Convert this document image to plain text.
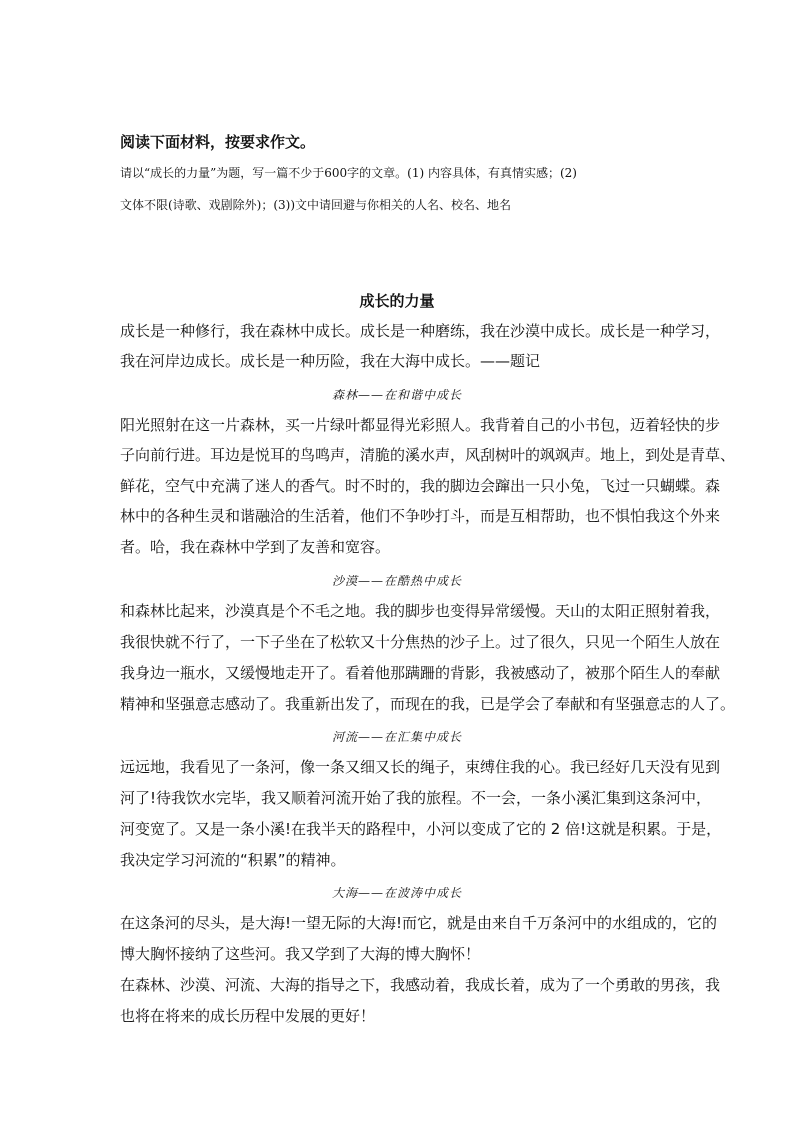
阅读下面材料，按要求作文。
请以“成长的力量”为题，写一篇不少于600字的文章。(1) 内容具体，有真情实感；(2)
文体不限(诗歌、戏剧除外)；(3))文中请回避与你相关的人名、校名、地名
成长的力量
成长是一种修行，我在森林中成长。成长是一种磨练，我在沙漠中成长。成长是一种学习，
我在河岸边成长。成长是一种历险，我在大海中成长。——题记
森林——在和谐中成长
阳光照射在这一片森林，买一片绿叶都显得光彩照人。我背着自己的小书包，迈着轻快的步
子向前行进。耳边是悦耳的鸟鸣声，清脆的溪水声，风刮树叶的飒飒声。地上，到处是青草、
鲜花，空气中充满了迷人的香气。时不时的，我的脚边会蹿出一只小兔，飞过一只蝴蝶。森
林中的各种生灵和谐融洽的生活着，他们不争吵打斗，而是互相帮助，也不惧怕我这个外来
者。哈，我在森林中学到了友善和宽容。
沙漠——在酷热中成长
和森林比起来，沙漠真是个不毛之地。我的脚步也变得异常缓慢。天山的太阳正照射着我，
我很快就不行了，一下子坐在了松软又十分焦热的沙子上。过了很久，只见一个陌生人放在
我身边一瓶水，又缓慢地走开了。看着他那蹒跚的背影，我被感动了，被那个陌生人的奉献
精神和坚强意志感动了。我重新出发了，而现在的我，已是学会了奉献和有坚强意志的人了。
河流——在汇集中成长
远远地，我看见了一条河，像一条又细又长的绳子，束缚住我的心。我已经好几天没有见到
河了!待我饮水完毕，我又顺着河流开始了我的旅程。不一会，一条小溪汇集到这条河中，
河变宽了。又是一条小溪!在我半天的路程中，小河以变成了它的 2 倍!这就是积累。于是，
我决定学习河流的“积累”的精神。
大海——在波涛中成长
在这条河的尽头，是大海!一望无际的大海!而它，就是由来自千万条河中的水组成的，它的
博大胸怀接纳了这些河。我又学到了大海的博大胸怀！
在森林、沙漠、河流、大海的指导之下，我感动着，我成长着，成为了一个勇敢的男孩，我
也将在将来的成长历程中发展的更好！
